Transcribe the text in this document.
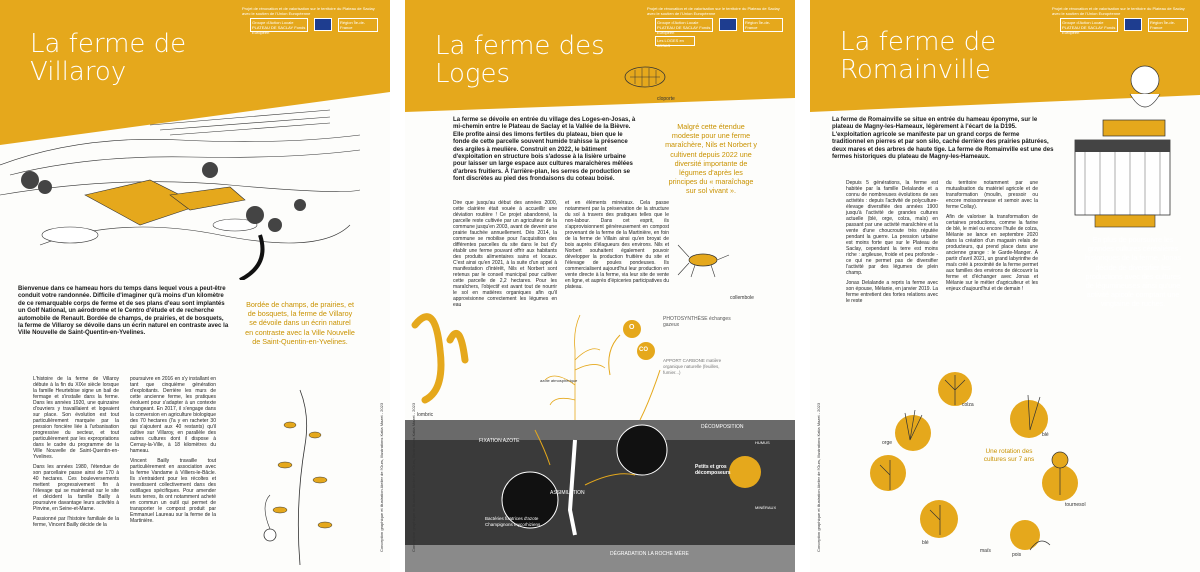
Projet de rénovation et de valorisation sur le territoire du Plateau de Saclay avec le soutien de l'Union Européenne
Groupe d'Action Locale PLATEAU DE SACLAY Fonds Européen
Région Île-de-France
La ferme de Villaroy
Bienvenue dans ce hameau hors du temps dans lequel vous a peut-être conduit votre randonnée. Difficile d'imaginer qu'à moins d'un kilomètre de ce remarquable corps de ferme et de ses plans d'eau sont implantés un Golf National, un aérodrome et le Centro d'étude et de recherche automobile de Renault. Bordée de champs, de prairies, et de bosquets, la ferme de Villaroy se dévoile dans un écrin naturel en contraste avec la Ville Nouvelle de Saint-Quentin-en-Yvelines.
Bordée de champs, de prairies, et de bosquets, la ferme de Villaroy se dévoile dans un écrin naturel en contraste avec la Ville Nouvelle de Saint-Quentin-en-Yvelines.

L'histoire de la ferme de Villaroy débute à la fin du XIXe siècle lorsque la famille Heurtebise signe un bail de fermage et s'installe dans la ferme. Dans les années 1920, une quinzaine d'ouvriers y travaillaient et logeaient sur place. Son évolution est tout particulièrement marquée par la pression foncière liée à l'urbanisation progressive du secteur, et tout particulièrement par les expropriations dans le cadre du programme de la Ville Nouvelle de Saint-Quentin-en-Yvelines.

Dans les années 1980, l'étendue de son parcellaire passe ainsi de 170 à 40 hectares. Ces bouleversements mettent progressivement fin à l'élevage qui se maintenait sur le site et décident la famille Bailly à poursuivre davantage leurs activités à Pinvine, en Seine-et-Marne.

Passionné par l'histoire familiale de la ferme, Vincent Bailly décide de la

poursuivre en 2016 en s'y installant en tant que cinquième génération d'exploitants. Derrière les murs de cette ancienne ferme, les pratiques évoluent pour s'adapter à un contexte changeant. En 2017, il s'engage dans la conversion en agriculture biologique des 70 hectares (l'a y en racheter 30 qui s'ajoutent aux 40 restants) qu'il cultive sur Villaroy, en parallèle des autres cultures dont il dispose à Cernay-la-Ville, à 18 kilomètres du hameau.

Vincent Bailly travaille tout particulièrement en association avec la ferme Vandame à Villiers-le-Bâcle. Ils s'entraident pour les récoltes et investissent collectivement dans des outillages spécifiques. Pour amender leurs terres, ils ont notamment acheté en commun un outil qui permet de transporter le compost produit par Emmanuel Laureau sur la ferme de la Martinière.	Conception graphique et illustration Atelier de l'Ours, Illustrations Katia Mazet - 2023
Projet de rénovation et de valorisation sur le territoire du Plateau de Saclay avec le soutien de l'Union Européenne
Groupe d'Action Locale PLATEAU DE SACLAY Fonds Européen
Les LOGES en JOSAS
Région Île-de-France
La ferme des Loges
cloporte
La ferme se dévoile en entrée du village des Loges-en-Josas, à mi-chemin entre le Plateau de Saclay et la Vallée de la Bièvre. Elle profite ainsi des limons fertiles du plateau, bien que le fonde de cette parcelle souvent humide trahisse la présence des argiles à meulière. Construit en 2022, le bâtiment d'exploitation en structure bois s'adosse à la lisière urbaine pour laisser un large espace aux cultures maraîchères mêlées d'arbres fruitiers. À l'arrière-plan, les serres de production se font discrètes au pied des frondaisons du coteau boisé.
Malgré cette étendue modeste pour une ferme maraîchère, Nils et Norbert y cultivent depuis 2022 une diversité importante de légumes d'après les principes du « maraîchage sur sol vivant ».
Dire que jusqu'au début des années 2000, cette clairière était vouée à accueillir une déviation routière ! Ce projet abandonné, la parcelle reste cultivée par un agriculteur de la commune jusqu'en 2003, avant de devenir une prairie fauchée annuellement. Dès 2014, la commune se mobilise pour l'acquisition des différentes parcelles du site dans le but d'y établir une ferme pouvant offrir aux habitants des produits alimentaires sains et locaux. C'est ainsi qu'en 2021, à la suite d'un appel à manifestation d'intérêt, Nils et Norbert sont retenus par le conseil municipal pour cultiver cette parcelle de 2,2 hectares. Pour les maraîchers, l'objectif est avant tout de nourrir le sol en matières organiques afin qu'il approvisionne correctement les légumes en eau
et en éléments minéraux. Cela passe notamment par la préservation de la structure du sol à travers des pratiques telles que le non-labour. Dans cet esprit, ils s'approvisionnent généreusement en compost provenant de la ferme de la Martinière, en foin de la ferme de Villain ainsi qu'en broyat de bois auprès d'élagueurs des environs. Nils et Norbert souhaitent également pouvoir développer la production fruitière du site et l'élevage de poules pondeuses. Ils commercialisent aujourd'hui leur production en vente directe à la ferme, via leur site de vente en ligne, et auprès d'épiceries participatives du plateau.
collembole
O
CO
PHOTOSYNTHÈSE échanges gazeux
azote atmosphérique
APPORT CARBONE matière organique naturelle (feuilles, fumier...)
lombric
FIXATION AZOTE
DÉCOMPOSITION
HUMUS
ASSIMILATION
Bactéries fixatrices d'azote Champignons mycorhiziens
Petits et gros décomposeurs
DÉGRADATION LA ROCHE MÈRE
MINÉRAUX
Conception graphique et illustration Atelier de l'Ours, Illustrations Katia Mazet - 2023
Projet de rénovation et de valorisation sur le territoire du Plateau de Saclay avec le soutien de l'Union Européenne
Groupe d'Action Locale PLATEAU DE SACLAY Fonds Européen
Région Île-de-France
La ferme de Romainville
La ferme de Romainville se situe en entrée du hameau éponyme, sur le plateau de Magny-les-Hameaux, légèrement à l'écart de la D195. L'exploitation agricole se manifeste par un grand corps de ferme traditionnel en pierres et par son silo, caché derrière des prairies pâturées, deux mares et des arbres de haute tige. La ferme de Romainville est une des fermes historiques du plateau de Magny-les-Hameaux.

Depuis 5 générations, la ferme est habitée par la famille Delalande et a connu de nombreuses évolutions de ses activités : depuis l'activité de polyculture-élevage diversifiée des années 1900 jusqu'à l'activité de grandes cultures actuelle (blé, orge, colza, maïs) en passant par une activité maraîchère et la vente d'une choucroute très réputée pendant la guerre. La pression urbaine est moins forte que sur le Plateau de Saclay, cependant la terre est moins riche : argileuse, froide et peu profonde - ce qui ne permet pas de diversifier l'activité par des légumes de plein champ.

Jonas Delalande a repris la ferme avec son épouse, Mélanie, en janvier 2019. La ferme entretient des fortes relations avec le reste

du territoire notamment par une mutualisation du matériel agricole et de transformation (moulin, pressoir ou encore moissonneuse et semoir avec la ferme Collay).

Afin de valoriser la transformation de certaines productions, comme la farine de blé, le miel ou encore l'huile de colza, Mélanie se lance en septembre 2020 dans la création d'un magasin relais de producteurs, qui prend place dans une ancienne grange : le Garde-Manger. À partir d'avril 2021, un grand labyrinthe de maïs créé à proximité de la ferme permet aux familles des environs de découvrir la ferme et d'échanger avec Jonas et Mélanie sur le métier d'agriculteur et les enjeux d'aujourd'hui et de demain !

En plus de poursuivre les grandes cultures céréalières historiques de la ferme, Jonas décide de diversifier les productions avec des cultures de légumineuses ainsi qu'une activité apicole comptant une vingtaine de ruches.
orge
colza
blé
maïs
tournesol
blé
pois
Une rotation des cultures sur 7 ans
Conception graphique et illustration Atelier de l'Ours, Illustrations Katia Mazet - 2023
